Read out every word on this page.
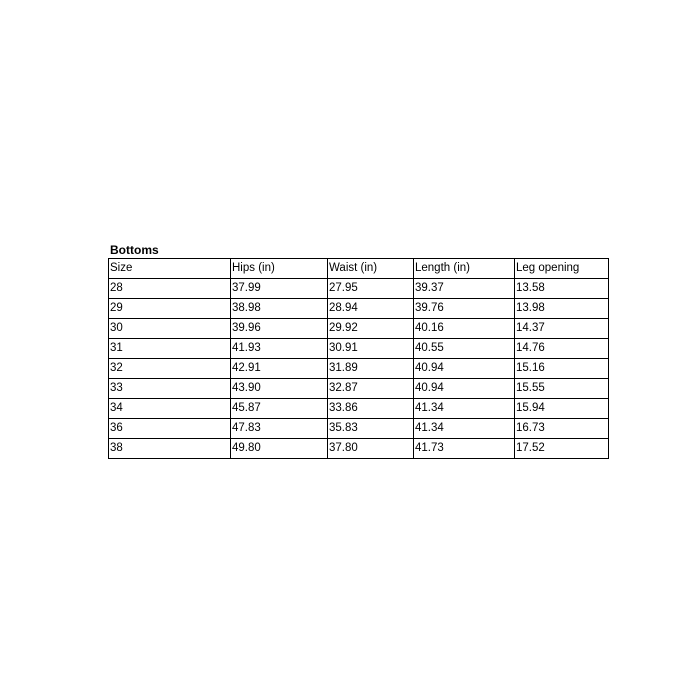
Bottoms
Size	Hips (in)	Waist (in)	Length (in)	Leg opening
28	37.99	27.95	39.37	13.58
29	38.98	28.94	39.76	13.98
30	39.96	29.92	40.16	14.37
31	41.93	30.91	40.55	14.76
32	42.91	31.89	40.94	15.16
33	43.90	32.87	40.94	15.55
34	45.87	33.86	41.34	15.94
36	47.83	35.83	41.34	16.73
38	49.80	37.80	41.73	17.52
